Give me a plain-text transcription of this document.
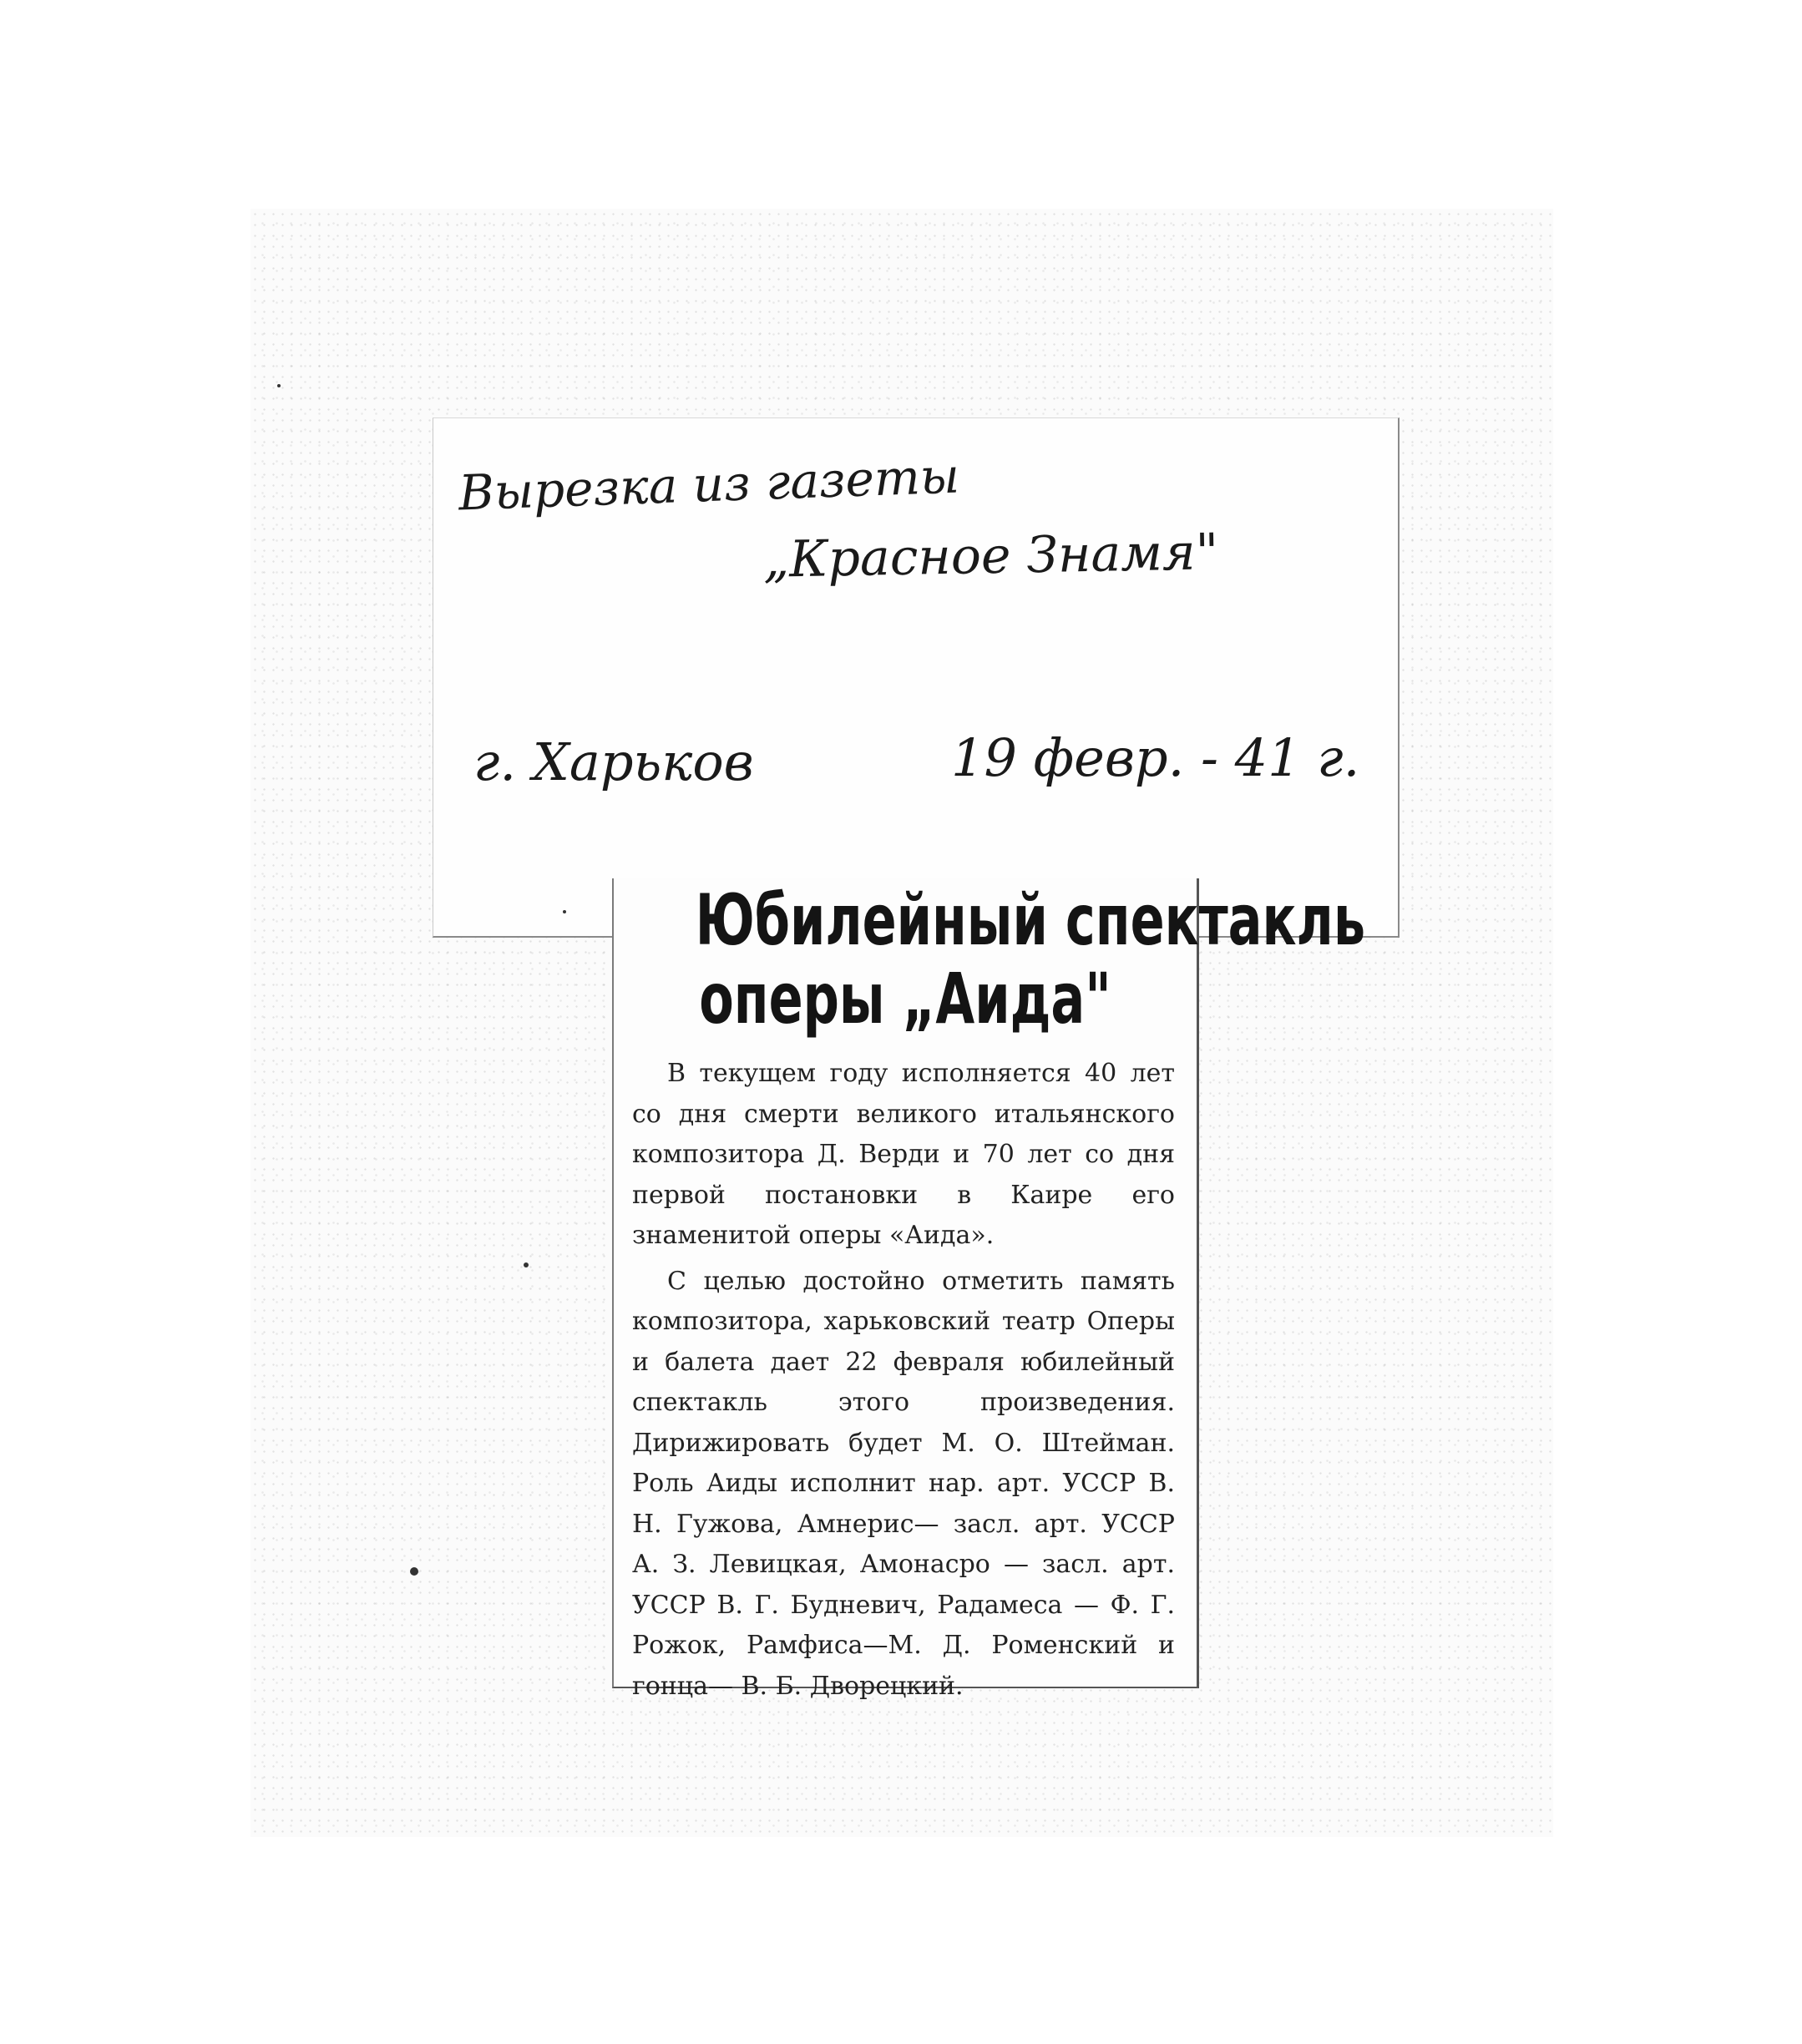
Вырезка из газеты
„Красное Знамя"
г. Харьков	19 февр. - 41 г.
Юбилейный спектакль
оперы „Аида"

В текущем году исполняется 40 лет со дня смерти великого итальянского композитора Д. Верди и 70 лет со дня первой постановки в Каире его знаменитой оперы «Аида».

С целью достойно отметить память композитора, харьковский театр Оперы и балета дает 22 февраля юбилейный спектакль этого произведения. Дирижировать будет М. О. Штейман. Роль Аиды исполнит нар. арт. УССР В. Н. Гужова, Амнерис— засл. арт. УССР А. З. Левицкая, Амонасро — засл. арт. УССР В. Г. Будневич, Радамеса — Ф. Г. Рожок, Рамфиса—М. Д. Роменский и гонца— В. Б. Дворецкий.
